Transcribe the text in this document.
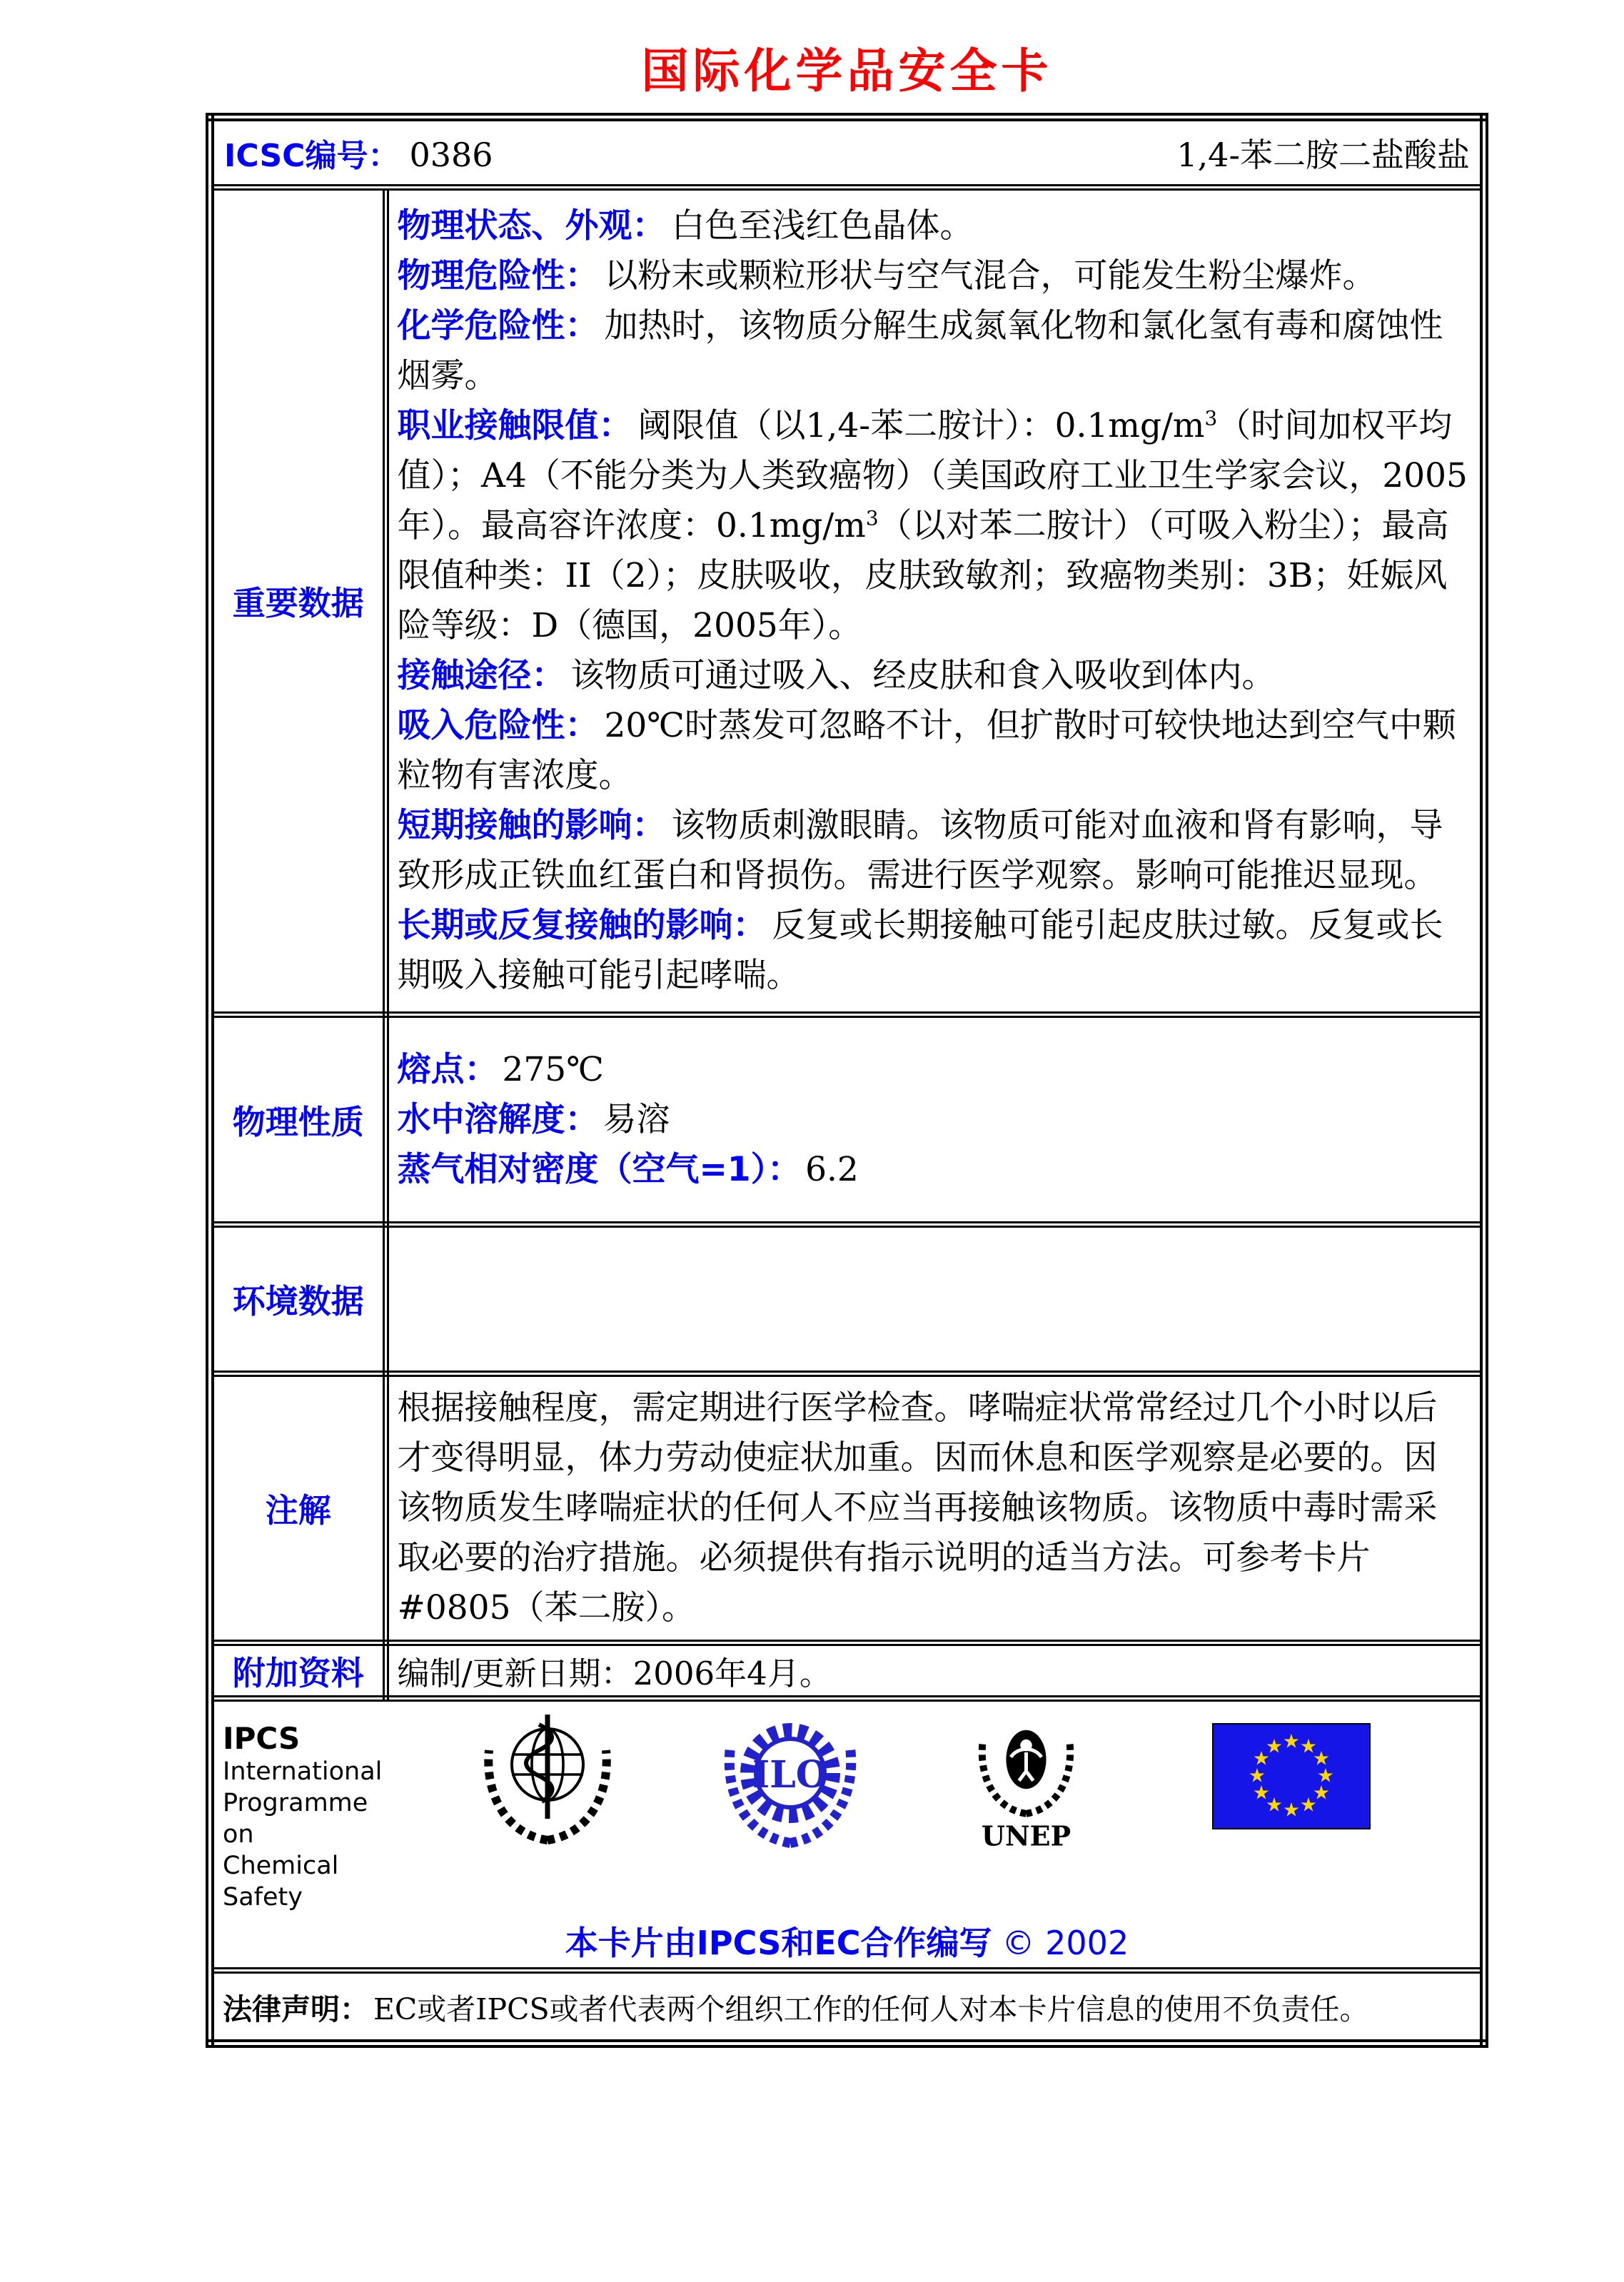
国际化学品安全卡
ICSC编号： 0386 1,4-苯二胺二盐酸盐	

重要数据	
物理状态、外观： 白色至浅红色晶体。
物理危险性： 以粉末或颗粒形状与空气混合，可能发生粉尘爆炸。
化学危险性： 加热时，该物质分解生成氮氧化物和氯化氢有毒和腐蚀性烟雾。
职业接触限值： 阈限值（以1,4-苯二胺计）：$0.1mg/m^3$（时间加权平均值）；A4（不能分类为人类致癌物）（美国政府工业卫生学家会议，2005年）。最高容许浓度：$0.1mg/m^3$（以对苯二胺计）（可吸入粉尘）；最高限值种类：II（2）；皮肤吸收，皮肤致敏剂；致癌物类别：3B；妊娠风险等级：D（德国，2005年）。
接触途径： 该物质可通过吸入、经皮肤和食入吸收到体内。
吸入危险性： 20℃时蒸发可忽略不计，但扩散时可较快地达到空气中颗粒物有害浓度。
短期接触的影响： 该物质刺激眼睛。该物质可能对血液和肾有影响，导致形成正铁血红蛋白和肾损伤。需进行医学观察。影响可能推迟显现。
长期或反复接触的影响： 反复或长期接触可能引起皮肤过敏。反复或长期吸入接触可能引起哮喘。

物理性质	熔点： 275℃
水中溶解度： 易溶
蒸气相对密度（空气=1）： 6.2

环境数据	
注解	根据接触程度，需定期进行医学检查。哮喘症状常常经过几个小时以后才变得明显，体力劳动使症状加重。因而休息和医学观察是必要的。因该物质发生哮喘症状的任何人不应当再接触该物质。该物质中毒时需采取必要的治疗措施。必须提供有指示说明的适当方法。可参考卡片#0805（苯二胺）。
附加资料	编制/更新日期：2006年4月。

IPCS
International
Programme on
Chemical Safety
ILO
UNEP
★ ★
★
★
★
★
★
★
★
★
★
★
本卡片由IPCS和EC合作编写 © 2002

法律声明： EC或者IPCS或者代表两个组织工作的任何人对本卡片信息的使用不负责任。	
